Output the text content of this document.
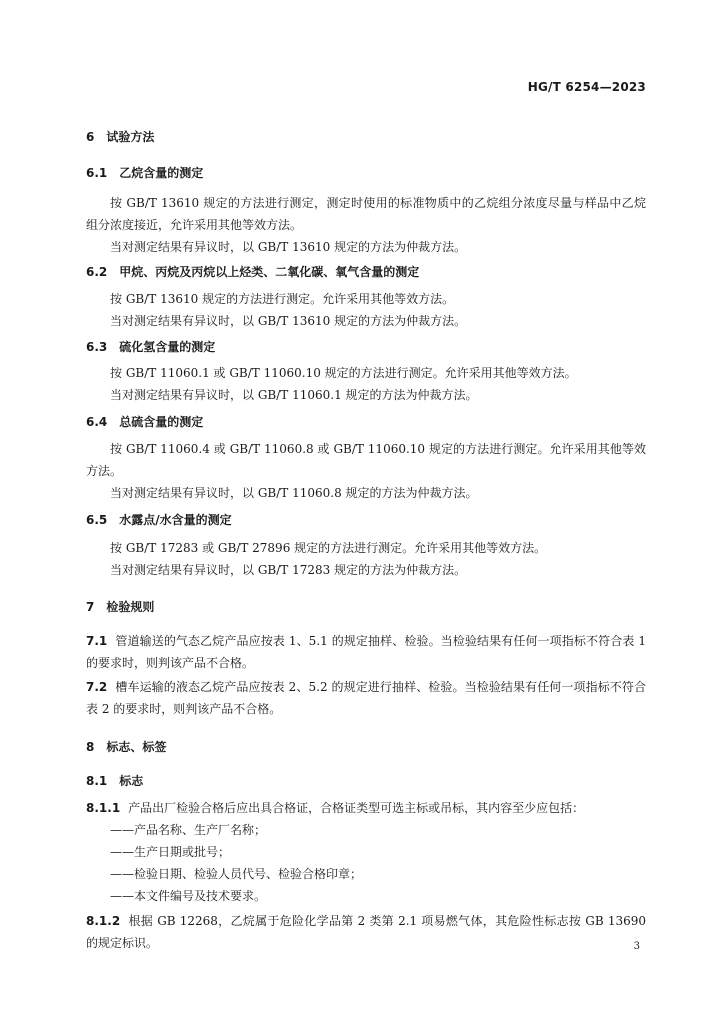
HG/T 6254—2023
6 试验方法
6.1 乙烷含量的测定
按 GB/T 13610 规定的方法进行测定，测定时使用的标准物质中的乙烷组分浓度尽量与样品中乙烷组分浓度接近，允许采用其他等效方法。
当对测定结果有异议时，以 GB/T 13610 规定的方法为仲裁方法。
6.2 甲烷、丙烷及丙烷以上烃类、二氧化碳、氧气含量的测定
按 GB/T 13610 规定的方法进行测定。允许采用其他等效方法。
当对测定结果有异议时，以 GB/T 13610 规定的方法为仲裁方法。
6.3 硫化氢含量的测定
按 GB/T 11060.1 或 GB/T 11060.10 规定的方法进行测定。允许采用其他等效方法。
当对测定结果有异议时，以 GB/T 11060.1 规定的方法为仲裁方法。
6.4 总硫含量的测定
按 GB/T 11060.4 或 GB/T 11060.8 或 GB/T 11060.10 规定的方法进行测定。允许采用其他等效方法。
当对测定结果有异议时，以 GB/T 11060.8 规定的方法为仲裁方法。
6.5 水露点/水含量的测定
按 GB/T 17283 或 GB/T 27896 规定的方法进行测定。允许采用其他等效方法。
当对测定结果有异议时，以 GB/T 17283 规定的方法为仲裁方法。
7 检验规则
7.1 管道输送的气态乙烷产品应按表 1、5.1 的规定抽样、检验。当检验结果有任何一项指标不符合表 1 的要求时，则判该产品不合格。
7.2 槽车运输的液态乙烷产品应按表 2、5.2 的规定进行抽样、检验。当检验结果有任何一项指标不符合表 2 的要求时，则判该产品不合格。
8 标志、标签
8.1 标志
8.1.1 产品出厂检验合格后应出具合格证，合格证类型可选主标或吊标，其内容至少应包括：
——产品名称、生产厂名称；
——生产日期或批号；
——检验日期、检验人员代号、检验合格印章；
——本文件编号及技术要求。
8.1.2 根据 GB 12268，乙烷属于危险化学品第 2 类第 2.1 项易燃气体，其危险性标志按 GB 13690 的规定标识。	3
